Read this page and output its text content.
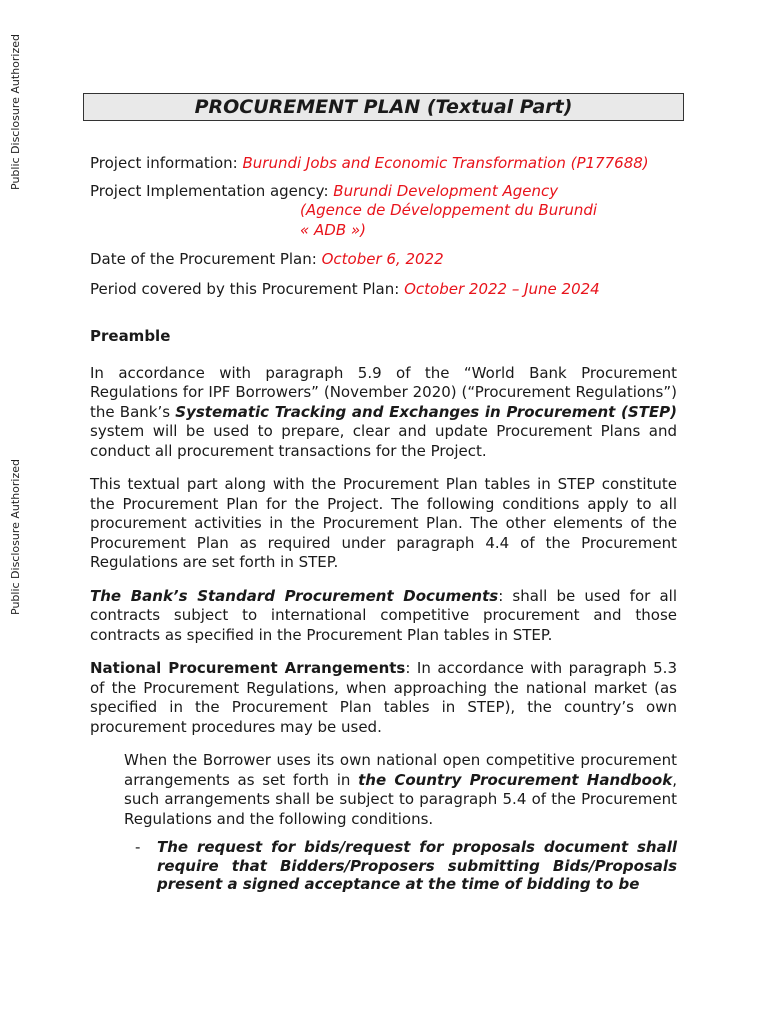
Public Disclosure Authorized
Public Disclosure Authorized
PROCUREMENT PLAN (Textual Part)

Project information: Burundi Jobs and Economic Transformation (P177688)

Project Implementation agency: Burundi Development Agency
(Agence de Développement du Burundi
« ADB »)

Date of the Procurement Plan: October 6, 2022

Period covered by this Procurement Plan: October 2022 – June 2024

Preamble

In accordance with paragraph 5.9 of the “World Bank Procurement Regulations for IPF Borrowers” (November 2020) (“Procurement Regulations”) the Bank’s Systematic Tracking and Exchanges in Procurement (STEP) system will be used to prepare, clear and update Procurement Plans and conduct all procurement transactions for the Project.

This textual part along with the Procurement Plan tables in STEP constitute the Procurement Plan for the Project. The following conditions apply to all procurement activities in the Procurement Plan. The other elements of the Procurement Plan as required under paragraph 4.4 of the Procurement Regulations are set forth in STEP.

The Bank’s Standard Procurement Documents: shall be used for all contracts subject to international competitive procurement and those contracts as specified in the Procurement Plan tables in STEP.

National Procurement Arrangements: In accordance with paragraph 5.3 of the Procurement Regulations, when approaching the national market (as specified in the Procurement Plan tables in STEP), the country’s own procurement procedures may be used.

When the Borrower uses its own national open competitive procurement arrangements as set forth in the Country Procurement Handbook, such arrangements shall be subject to paragraph 5.4 of the Procurement Regulations and the following conditions.

-	The request for bids/request for proposals document shall require that Bidders/Proposers submitting Bids/Proposals present a signed acceptance at the time of bidding to be
